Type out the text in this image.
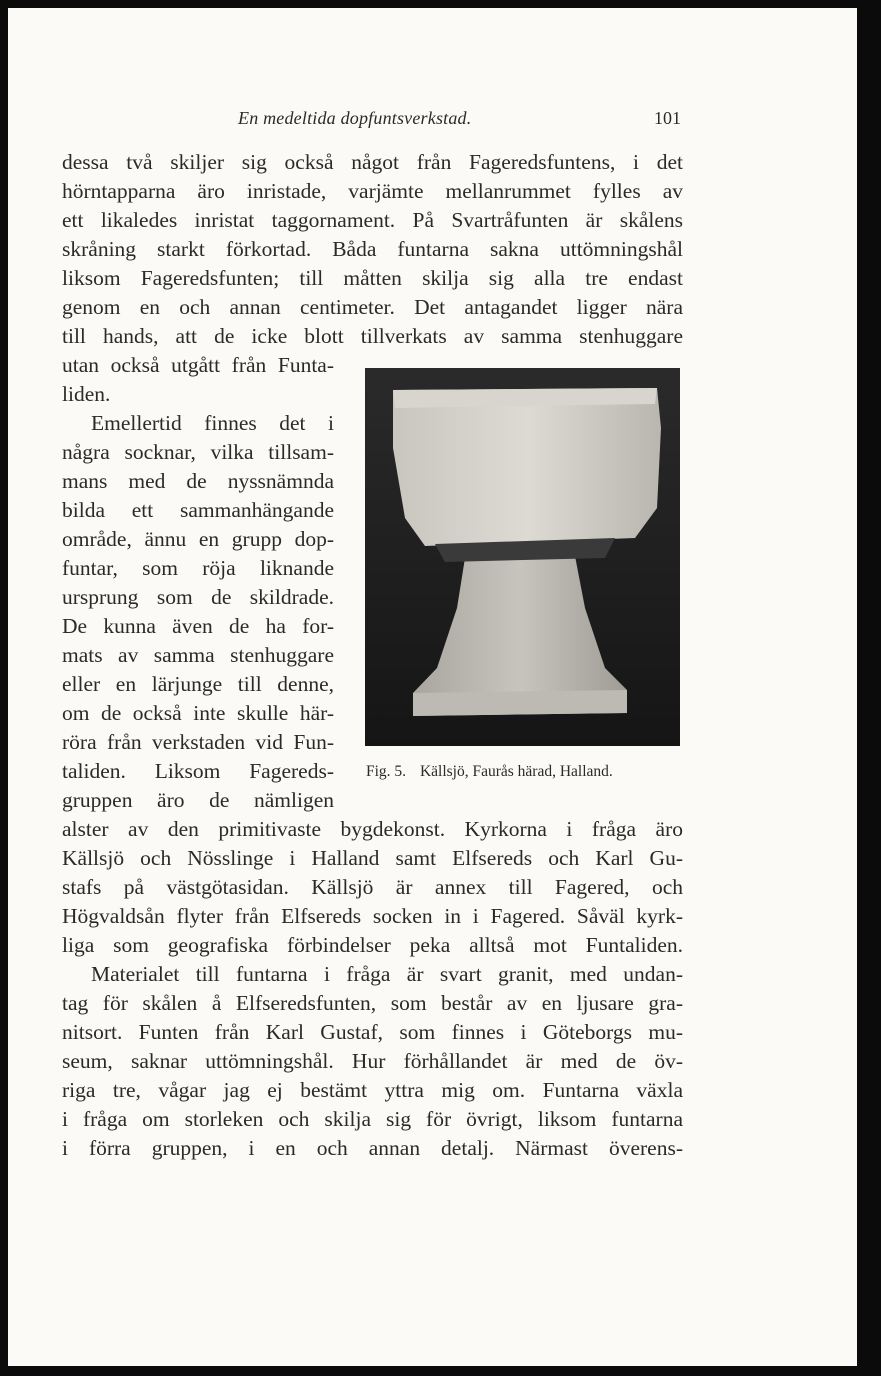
En medeltida dopfuntsverkstad.	101
dessa två skiljer sig också något från Fageredsfuntens, i det
hörntapparna äro inristade, varjämte mellanrummet fylles av
ett likaledes inristat taggornament. På Svartråfunten är skålens
skråning starkt förkortad. Båda funtarna sakna uttömningshål
liksom Fageredsfunten; till måtten skilja sig alla tre endast
genom en och annan centimeter. Det antagandet ligger nära
till hands, att de icke blott tillverkats av samma stenhuggare
utan också utgått från Funta-
liden.
Emellertid finnes det i
några socknar, vilka tillsam-
mans med de nyssnämnda
bilda ett sammanhängande
område, ännu en grupp dop-
funtar, som röja liknande
ursprung som de skildrade.
De kunna även de ha for-
mats av samma stenhuggare
eller en lärjunge till denne,
om de också inte skulle här-
röra från verkstaden vid Fun-
taliden. Liksom Fagereds-
gruppen äro de nämligen
alster av den primitivaste bygdekonst. Kyrkorna i fråga äro
Källsjö och Nösslinge i Halland samt Elfsereds och Karl Gu-
stafs på västgötasidan. Källsjö är annex till Fagered, och
Högvaldsån flyter från Elfsereds socken in i Fagered. Såväl kyrk-
liga som geografiska förbindelser peka alltså mot Funtaliden.
Materialet till funtarna i fråga är svart granit, med undan-
tag för skålen å Elfseredsfunten, som består av en ljusare gra-
nitsort. Funten från Karl Gustaf, som finnes i Göteborgs mu-
seum, saknar uttömningshål. Hur förhållandet är med de öv-
riga tre, vågar jag ej bestämt yttra mig om. Funtarna växla
i fråga om storleken och skilja sig för övrigt, liksom funtarna
i förra gruppen, i en och annan detalj. Närmast överens-
Fig. 5. Källsjö, Faurås härad, Halland.
